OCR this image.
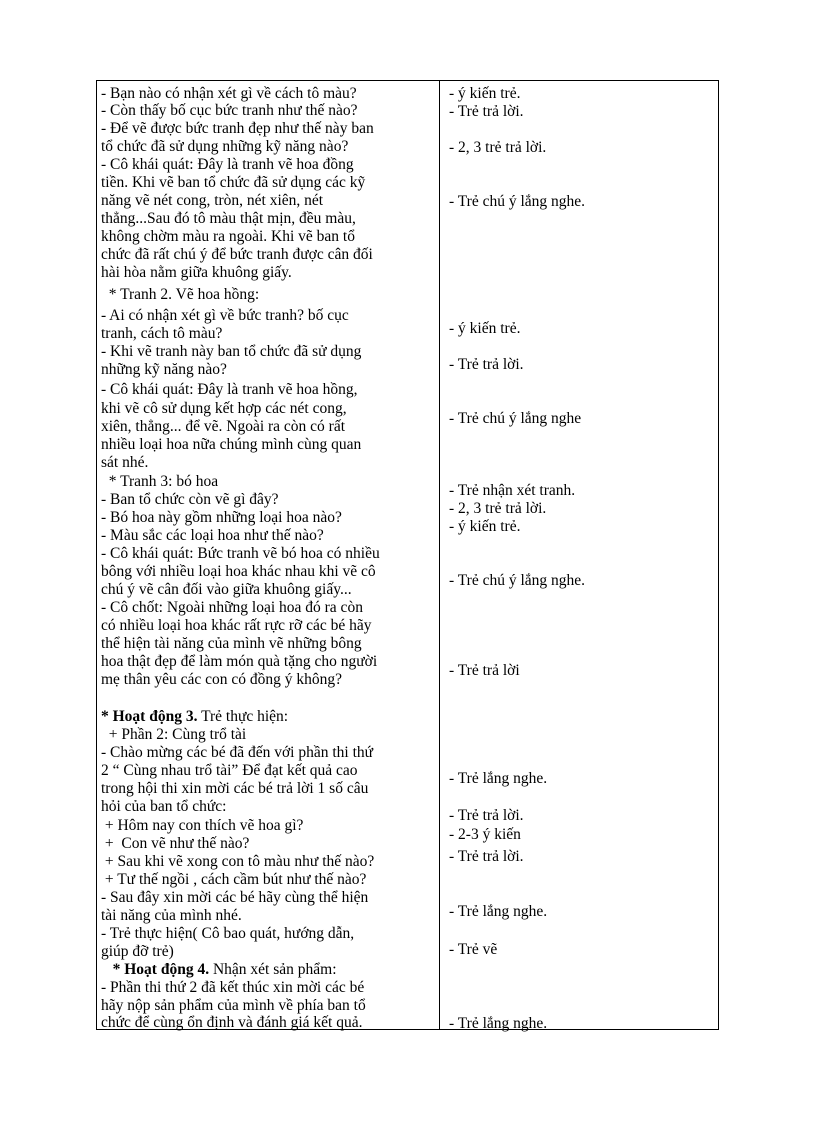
- Bạn nào có nhận xét gì về cách tô màu?
- Còn thấy bố cục bức tranh như thế nào?
- Để vẽ được bức tranh đẹp như thế này ban
tổ chức đã sử dụng những kỹ năng nào?
- Cô khái quát: Đây là tranh vẽ hoa đồng
tiền. Khi vẽ ban tổ chức đã sử dụng các kỹ
năng vẽ nét cong, tròn, nét xiên, nét
thẳng...Sau đó tô màu thật mịn, đều màu,
không chờm màu ra ngoài. Khi vẽ ban tổ
chức đã rất chú ý để bức tranh được cân đối
hài hòa nằm giữa khuông giấy.
* Tranh 2. Vẽ hoa hồng:
- Ai có nhận xét gì về bức tranh? bố cục
tranh, cách tô màu?
- Khi vẽ tranh này ban tổ chức đã sử dụng
những kỹ năng nào?
- Cô khái quát: Đây là tranh vẽ hoa hồng,
khi vẽ cô sử dụng kết hợp các nét cong,
xiên, thẳng... để vẽ. Ngoài ra còn có rất
nhiều loại hoa nữa chúng mình cùng quan
sát nhé.
* Tranh 3: bó hoa
- Ban tổ chức còn vẽ gì đây?
- Bó hoa này gồm những loại hoa nào?
- Màu sắc các loại hoa như thế nào?
- Cô khái quát: Bức tranh vẽ bó hoa có nhiều
bông với nhiều loại hoa khác nhau khi vẽ cô
chú ý vẽ cân đối vào giữa khuông giấy...
- Cô chốt: Ngoài những loại hoa đó ra còn
có nhiều loại hoa khác rất rực rỡ các bé hãy
thể hiện tài năng của mình vẽ những bông
hoa thật đẹp để làm món quà tặng cho người
mẹ thân yêu các con có đồng ý không?
* Hoạt động 3. Trẻ thực hiện:
+ Phần 2: Cùng trổ tài
- Chào mừng các bé đã đến với phần thi thứ
2 “ Cùng nhau trổ tài” Để đạt kết quả cao
trong hội thi xin mời các bé trả lời 1 số câu
hỏi của ban tổ chức:
+ Hôm nay con thích vẽ hoa gì?
+  Con vẽ như thế nào?
+ Sau khi vẽ xong con tô màu như thế nào?
+ Tư thế ngồi , cách cầm bút như thế nào?
- Sau đây xin mời các bé hãy cùng thể hiện
tài năng của mình nhé.
- Trẻ thực hiện( Cô bao quát, hướng dẫn,
giúp đỡ trẻ)
* Hoạt động 4. Nhận xét sản phẩm:
- Phần thi thứ 2 đã kết thúc xin mời các bé
hãy nộp sản phẩm của mình về phía ban tổ
chức để cùng ổn định và đánh giá kết quả.
- ý kiến trẻ.
- Trẻ trả lời.
- 2, 3 trẻ trả lời.
- Trẻ chú ý lắng nghe.
- ý kiến trẻ.
- Trẻ trả lời.
- Trẻ chú ý lắng nghe
- Trẻ nhận xét tranh.
- 2, 3 trẻ trả lời.
- ý kiến trẻ.
- Trẻ chú ý lắng nghe.
- Trẻ trả lời
- Trẻ lắng nghe.
- Trẻ trả lời.
- 2-3 ý kiến
- Trẻ trả lời.
- Trẻ lắng nghe.
- Trẻ vẽ
- Trẻ lắng nghe.
